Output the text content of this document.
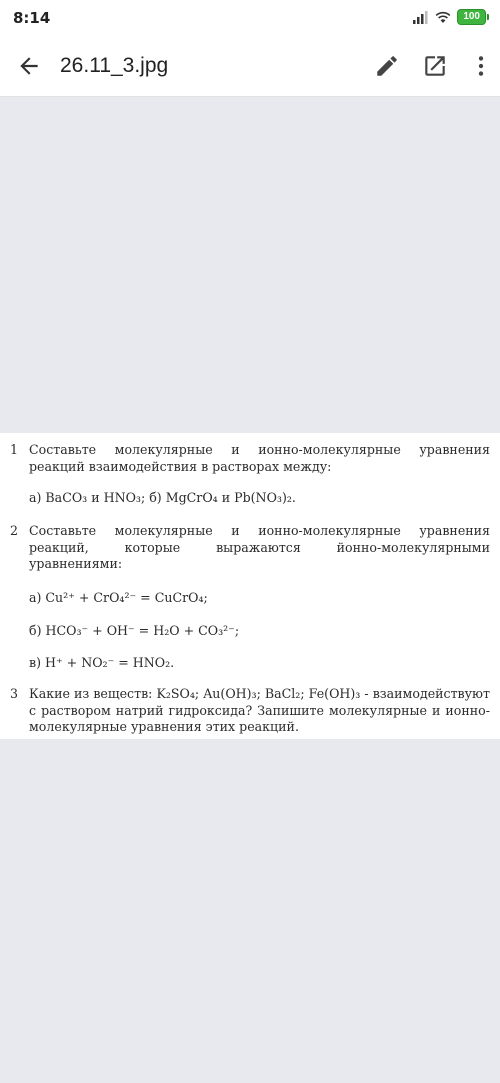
8:14	100
26.11_3.jpg
1 Составьте молекулярные и ионно-молекулярные уравнения реакций взаимодействия в растворах между:
а) BaCO₃ и HNO₃; б) MgCrO₄ и Pb(NO₃)₂.
2 Составьте молекулярные и ионно-молекулярные уравнения реакций, которые выражаются йонно-молекулярными уравнениями:
а) Cu²⁺ + CrO₄²⁻ = CuCrO₄;
б) HCO₃⁻ + OH⁻ = H₂O + CO₃²⁻;
в) H⁺ + NO₂⁻ = HNO₂.
3 Какие из веществ: K₂SO₄; Au(OH)₃; BaCl₂; Fe(OH)₃ - взаимодействуют с раствором натрий гидроксида? Запишите молекулярные и ионно-молекулярные уравнения этих реакций.
